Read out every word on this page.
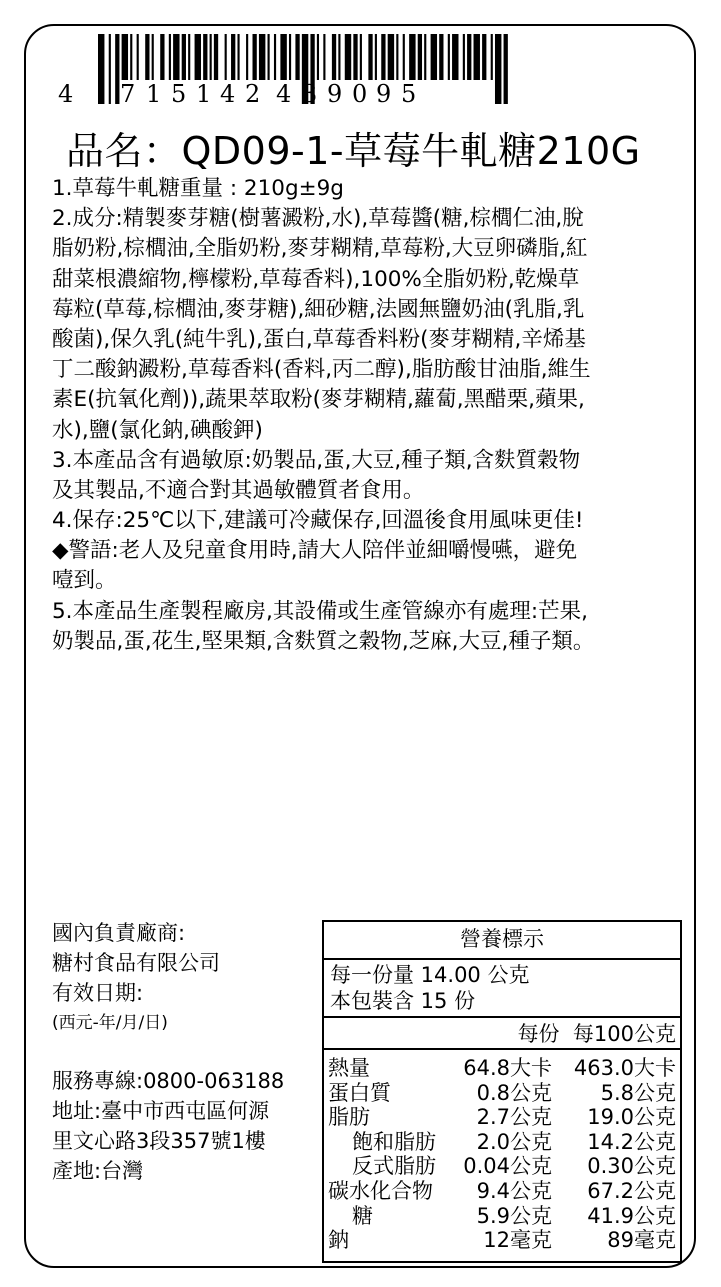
4 7 1 5 1 4 2 4 3 9 0 9 5
品名：QD09-1-草莓牛軋糖210G
1.草莓牛軋糖重量 : 210g±9g
2.成分:精製麥芽糖(樹薯澱粉,水),草莓醬(糖,棕櫚仁油,脫
脂奶粉,棕櫚油,全脂奶粉,麥芽糊精,草莓粉,大豆卵磷脂,紅
甜菜根濃縮物,檸檬粉,草莓香料),100%全脂奶粉,乾燥草
莓粒(草莓,棕櫚油,麥芽糖),細砂糖,法國無鹽奶油(乳脂,乳
酸菌),保久乳(純牛乳),蛋白,草莓香料粉(麥芽糊精,辛烯基
丁二酸鈉澱粉,草莓香料(香料,丙二醇),脂肪酸甘油脂,維生
素E(抗氧化劑)),蔬果萃取粉(麥芽糊精,蘿蔔,黑醋栗,蘋果,
水),鹽(氯化鈉,碘酸鉀)
3.本產品含有過敏原:奶製品,蛋,大豆,種子類,含麩質穀物
及其製品,不適合對其過敏體質者食用。
4.保存:25℃以下,建議可冷藏保存,回溫後食用風味更佳!
◆警語:老人及兒童食用時,請大人陪伴並細嚼慢嚥，避免
噎到。
5.本產品生產製程廠房,其設備或生產管線亦有處理:芒果,
奶製品,蛋,花生,堅果類,含麩質之穀物,芝麻,大豆,種子類。
國內負責廠商:
糖村食品有限公司
有效日期:
(西元-年/月/日)
服務專線:0800-063188
地址:臺中市西屯區何源
里文心路3段357號1樓
產地:台灣
營養標示
每一份量 14.00 公克
本包裝含 15 份
每份  每100公克
熱量	64.8大卡 463.0大卡
蛋白質	0.8公克 5.8公克
脂肪	2.7公克 19.0公克
飽和脂肪 2.0公克 14.2公克
反式脂肪 0.04公克 0.30公克
碳水化合物 9.4公克 67.2公克
糖	5.9公克 41.9公克
鈉	12毫克	89毫克
